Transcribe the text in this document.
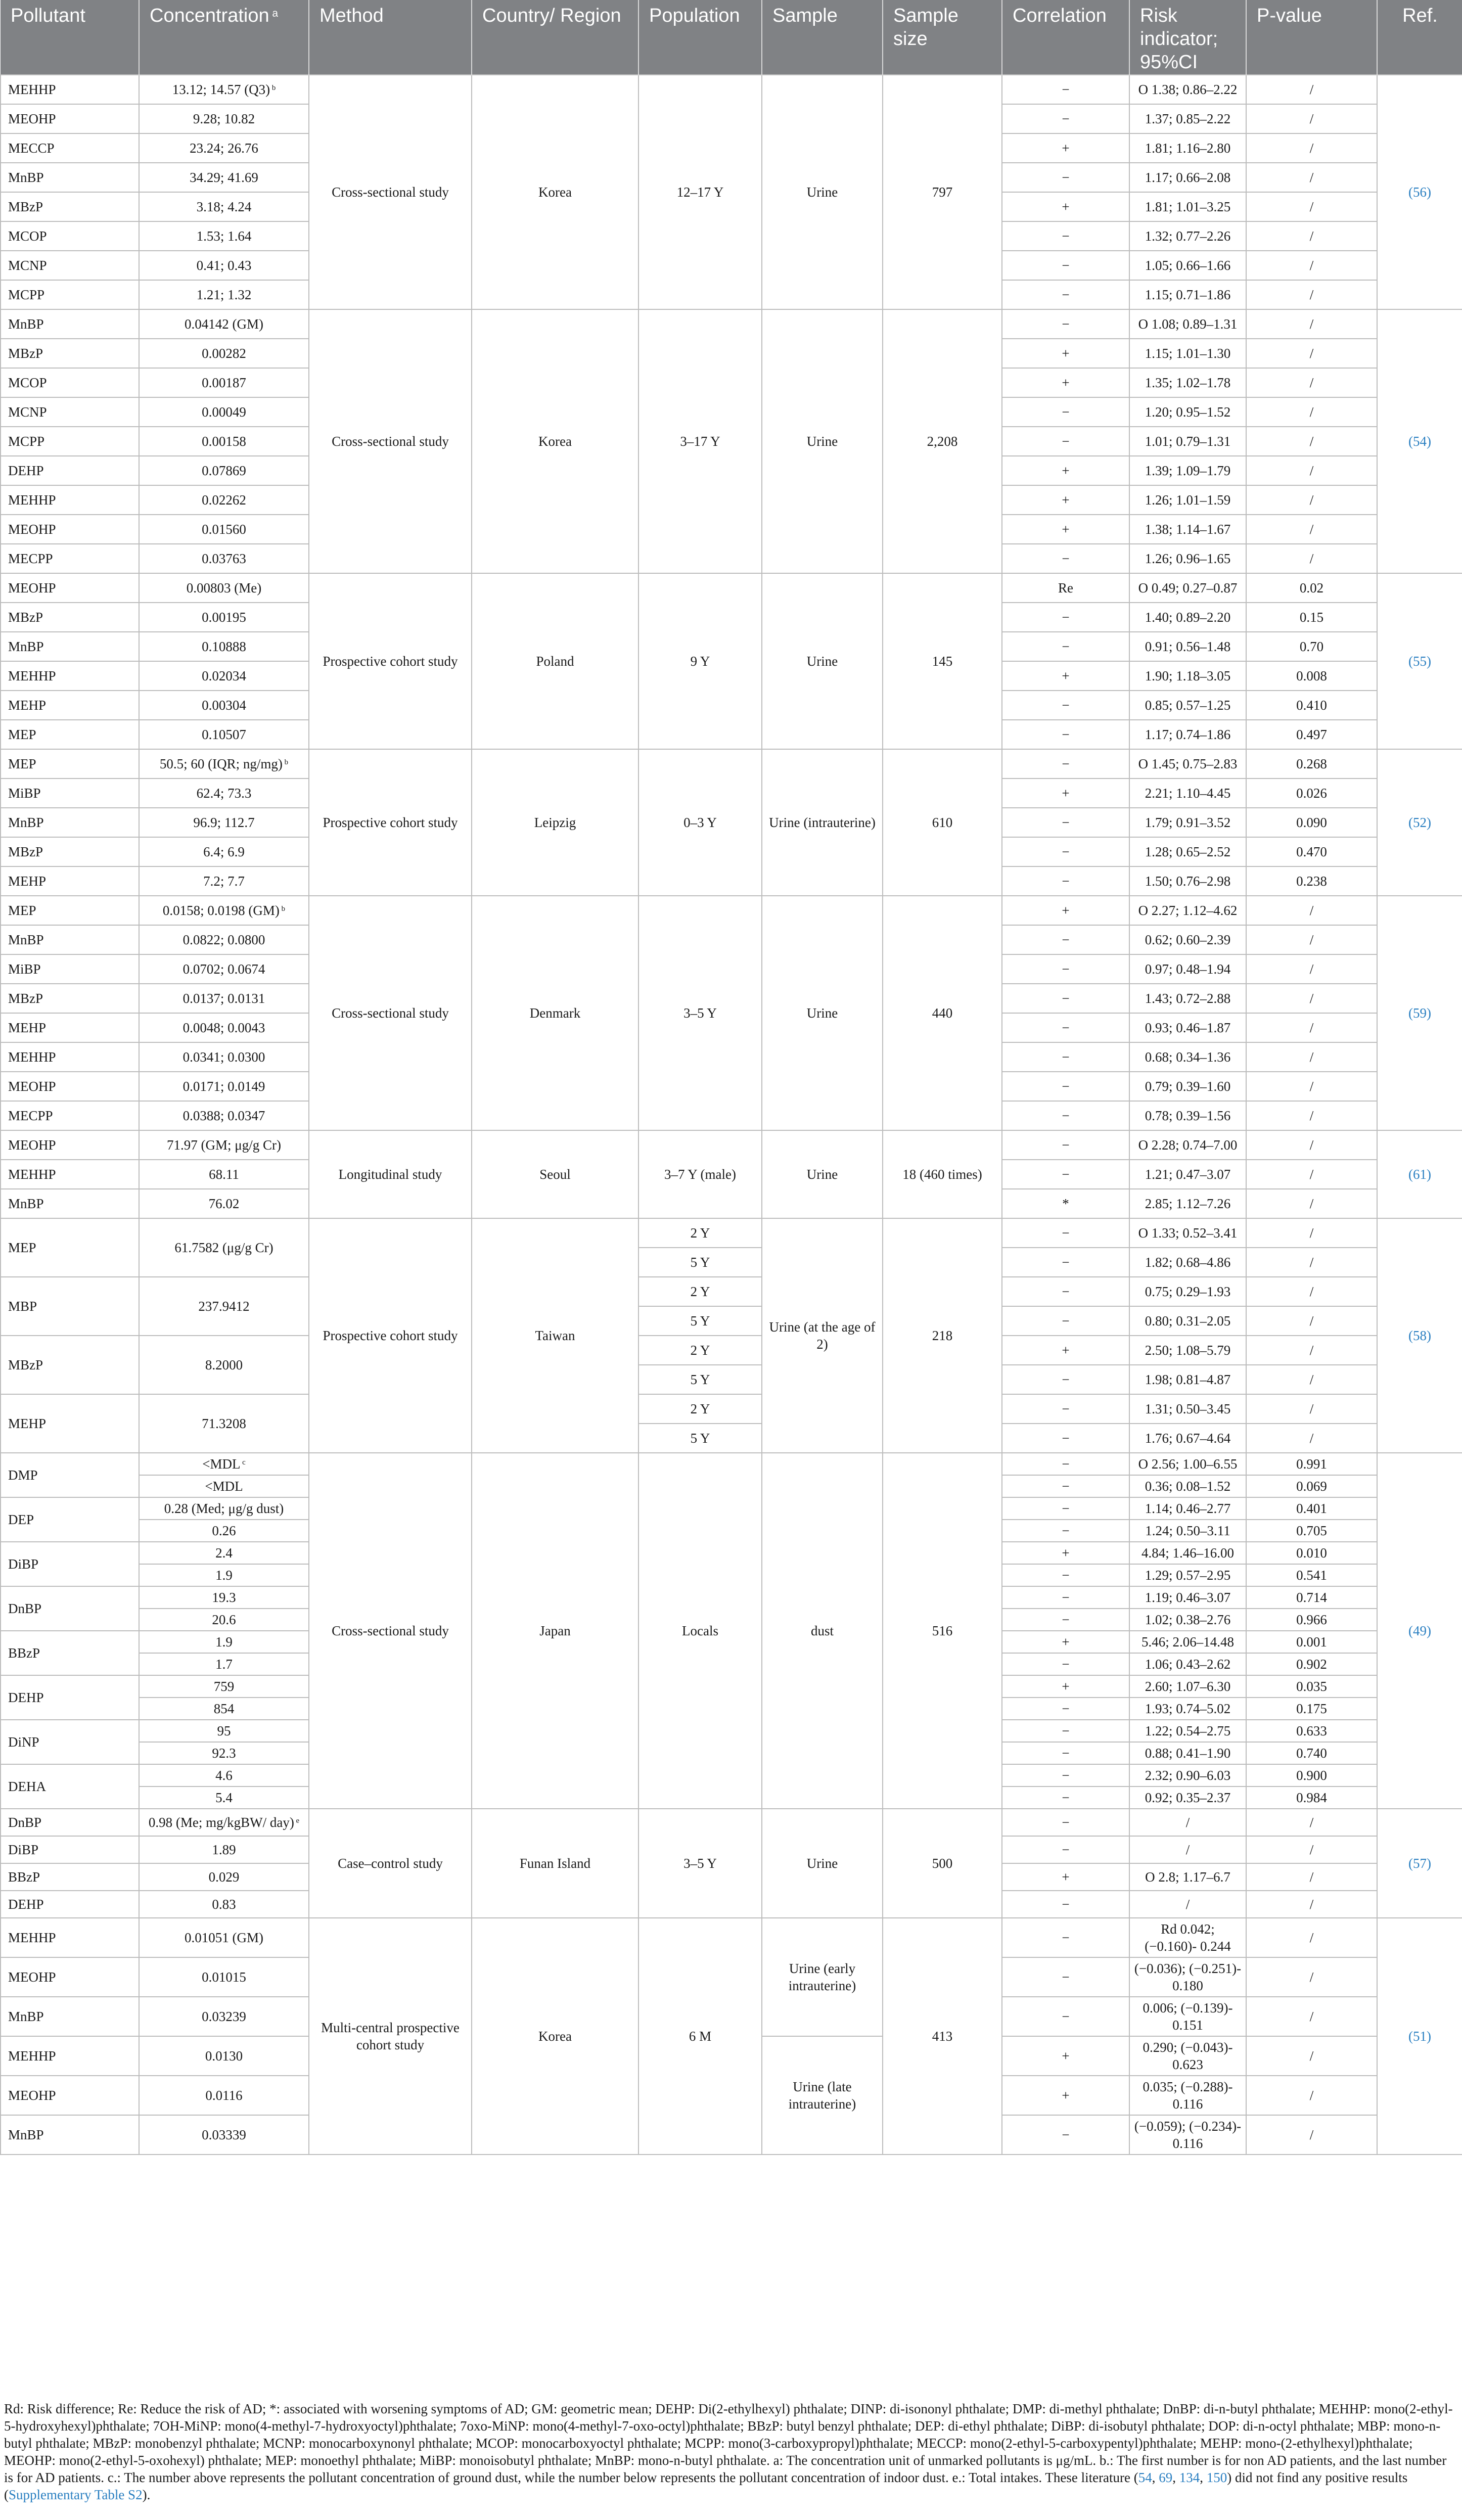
Pollutant	Concentration $^a$	Method	Country/ Region	Population	Sample	Sample size	Correlation	Risk indicator; 95%CI	P-value	Ref.
MEHHP	13.12; 14.57 (Q3) $^b$	Cross-sectional study	Korea	12–17 Y	Urine	797	−	O 1.38; 0.86–2.22	/	(56)
MEOHP	9.28; 10.82						−	1.37; 0.85–2.22	/	
MECCP	23.24; 26.76						+	1.81; 1.16–2.80	/	
MnBP	34.29; 41.69						−	1.17; 0.66–2.08	/	
MBzP	3.18; 4.24						+	1.81; 1.01–3.25	/	
MCOP	1.53; 1.64						−	1.32; 0.77–2.26	/	
MCNP	0.41; 0.43						−	1.05; 0.66–1.66	/	
MCPP	1.21; 1.32						−	1.15; 0.71–1.86	/	
MnBP	0.04142 (GM)	Cross-sectional study	Korea	3–17 Y	Urine	2,208	−	O 1.08; 0.89–1.31	/	(54)
MBzP	0.00282						+	1.15; 1.01–1.30	/	
MCOP	0.00187						+	1.35; 1.02–1.78	/	
MCNP	0.00049						−	1.20; 0.95–1.52	/	
MCPP	0.00158						−	1.01; 0.79–1.31	/	
DEHP	0.07869						+	1.39; 1.09–1.79	/	
MEHHP	0.02262						+	1.26; 1.01–1.59	/	
MEOHP	0.01560						+	1.38; 1.14–1.67	/	
MECPP	0.03763						−	1.26; 0.96–1.65	/	
MEOHP	0.00803 (Me)	Prospective cohort study	Poland	9 Y	Urine	145	Re	O 0.49; 0.27–0.87	0.02	(55)
MBzP	0.00195						−	1.40; 0.89–2.20	0.15	
MnBP	0.10888						−	0.91; 0.56–1.48	0.70	
MEHHP	0.02034						+	1.90; 1.18–3.05	0.008	
MEHP	0.00304						−	0.85; 0.57–1.25	0.410	
MEP	0.10507						−	1.17; 0.74–1.86	0.497	
MEP	50.5; 60 (IQR; ng/mg) $^b$	Prospective cohort study	Leipzig	0–3 Y	Urine (intrauterine)	610	−	O 1.45; 0.75–2.83	0.268	(52)
MiBP	62.4; 73.3						+	2.21; 1.10–4.45	0.026	
MnBP	96.9; 112.7						−	1.79; 0.91–3.52	0.090	
MBzP	6.4; 6.9						−	1.28; 0.65–2.52	0.470	
MEHP	7.2; 7.7						−	1.50; 0.76–2.98	0.238	
MEP	0.0158; 0.0198 (GM) $^b$	Cross-sectional study	Denmark	3–5 Y	Urine	440	+	O 2.27; 1.12–4.62	/	(59)
MnBP	0.0822; 0.0800						−	0.62; 0.60–2.39	/	
MiBP	0.0702; 0.0674						−	0.97; 0.48–1.94	/	
MBzP	0.0137; 0.0131						−	1.43; 0.72–2.88	/	
MEHP	0.0048; 0.0043						−	0.93; 0.46–1.87	/	
MEHHP	0.0341; 0.0300						−	0.68; 0.34–1.36	/	
MEOHP	0.0171; 0.0149						−	0.79; 0.39–1.60	/	
MECPP	0.0388; 0.0347						−	0.78; 0.39–1.56	/	
MEOHP	71.97 (GM; μg/g Cr)	Longitudinal study	Seoul	3–7 Y (male)	Urine	18 (460 times)	−	O 2.28; 0.74–7.00	/	(61)
MEHHP	68.11						−	1.21; 0.47–3.07	/	
MnBP	76.02						*	2.85; 1.12–7.26	/	
MEP	61.7582 (μg/g Cr)	Prospective cohort study	Taiwan	2 Y	Urine (at the age of 2)	218	−	O 1.33; 0.52–3.41	/	(58)
				5 Y			−	1.82; 0.68–4.86	/	
MBP	237.9412			2 Y			−	0.75; 0.29–1.93	/	
				5 Y			−	0.80; 0.31–2.05	/	
MBzP	8.2000			2 Y			+	2.50; 1.08–5.79	/	
				5 Y			−	1.98; 0.81–4.87	/	
MEHP	71.3208			2 Y			−	1.31; 0.50–3.45	/	
				5 Y			−	1.76; 0.67–4.64	/	
DMP	<MDL $^c$	Cross-sectional study	Japan	Locals	dust	516	−	O 2.56; 1.00–6.55	0.991	(49)
	<MDL						−	0.36; 0.08–1.52	0.069	
DEP	0.28 (Med; μg/g dust)						−	1.14; 0.46–2.77	0.401	
	0.26						−	1.24; 0.50–3.11	0.705	
DiBP	2.4						+	4.84; 1.46–16.00	0.010	
	1.9						−	1.29; 0.57–2.95	0.541	
DnBP	19.3						−	1.19; 0.46–3.07	0.714	
	20.6						−	1.02; 0.38–2.76	0.966	
BBzP	1.9						+	5.46; 2.06–14.48	0.001	
	1.7						−	1.06; 0.43–2.62	0.902	
DEHP	759						+	2.60; 1.07–6.30	0.035	
	854						−	1.93; 0.74–5.02	0.175	
DiNP	95						−	1.22; 0.54–2.75	0.633	
	92.3						−	0.88; 0.41–1.90	0.740	
DEHA	4.6						−	2.32; 0.90–6.03	0.900	
	5.4						−	0.92; 0.35–2.37	0.984	
DnBP	0.98 (Me; mg/kgBW/ day) $^e$	Case–control study	Funan Island	3–5 Y	Urine	500	−	/	/	(57)
DiBP	1.89						−	/	/	
BBzP	0.029						+	O 2.8; 1.17–6.7	/	
DEHP	0.83						−	/	/	
MEHHP	0.01051 (GM)	Multi-central prospective cohort study	Korea	6 M	Urine (early intrauterine)	413	−	Rd 0.042; (−0.160)- 0.244	/	(51)
MEOHP	0.01015						−	(−0.036); (−0.251)- 0.180	/	
MnBP	0.03239						−	0.006; (−0.139)- 0.151	/	
MEHHP	0.0130				Urine (late intrauterine)		+	0.290; (−0.043)- 0.623	/	
MEOHP	0.0116						+	0.035; (−0.288)- 0.116	/	
MnBP	0.03339						−	(−0.059); (−0.234)- 0.116	/	
Rd: Risk difference; Re: Reduce the risk of AD; *: associated with worsening symptoms of AD; GM: geometric mean; DEHP: Di(2-ethylhexyl) phthalate; DINP: di-isononyl phthalate; DMP: di-methyl phthalate; DnBP: di-n-butyl phthalate; MEHHP: mono(2-ethyl-5-hydroxyhexyl)phthalate; 7OH-MiNP: mono(4-methyl-7-hydroxyoctyl)phthalate; 7oxo-MiNP: mono(4-methyl-7-oxo-octyl)phthalate; BBzP: butyl benzyl phthalate; DEP: di-ethyl phthalate; DiBP: di-isobutyl phthalate; DOP: di-n-octyl phthalate; MBP: mono-n-butyl phthalate; MBzP: monobenzyl phthalate; MCNP: monocarboxynonyl phthalate; MCOP: monocarboxyoctyl phthalate; MCPP: mono(3-carboxypropyl)phthalate; MECCP: mono(2-ethyl-5-carboxypentyl)phthalate; MEHP: mono-(2-ethylhexyl)phthalate; MEOHP: mono(2-ethyl-5-oxohexyl) phthalate; MEP: monoethyl phthalate; MiBP: monoisobutyl phthalate; MnBP: mono-n-butyl phthalate. a: The concentration unit of unmarked pollutants is μg/mL. b.: The first number is for non AD patients, and the last number is for AD patients. c.: The number above represents the pollutant concentration of ground dust, while the number below represents the pollutant concentration of indoor dust. e.: Total intakes. These literature (54, 69, 134, 150) did not find any positive results (Supplementary Table S2).
